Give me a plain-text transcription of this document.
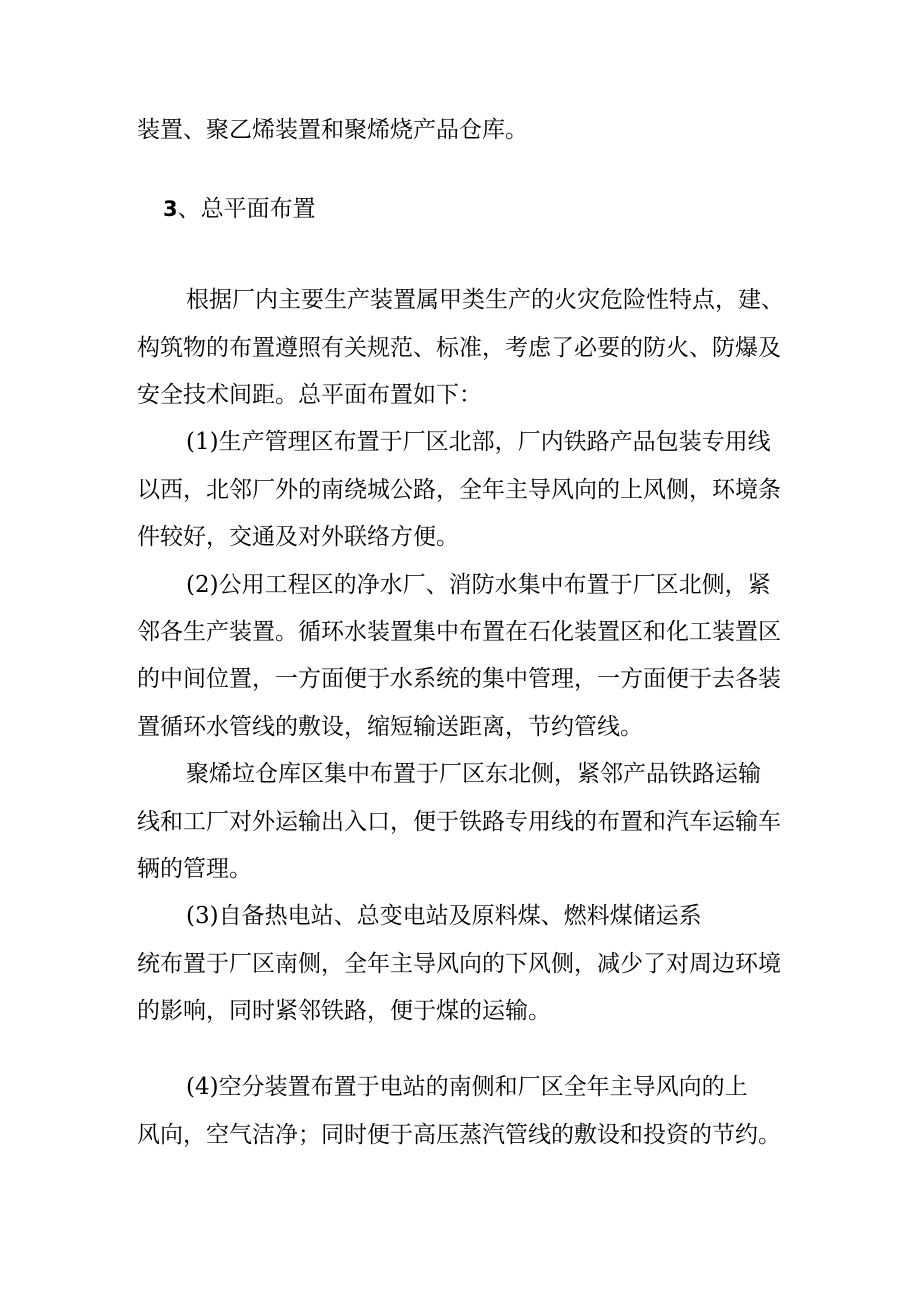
装置、聚乙烯装置和聚烯烧产品仓库。
3、总平面布置
根据厂内主要生产装置属甲类生产的火灾危险性特点，建、
构筑物的布置遵照有关规范、标准，考虑了必要的防火、防爆及
安全技术间距。总平面布置如下：
(1)生产管理区布置于厂区北部，厂内铁路产品包装专用线
以西，北邻厂外的南绕城公路，全年主导风向的上风侧，环境条
件较好，交通及对外联络方便。
(2)公用工程区的净水厂、消防水集中布置于厂区北侧，紧
邻各生产装置。循环水装置集中布置在石化装置区和化工装置区
的中间位置，一方面便于水系统的集中管理，一方面便于去各装
置循环水管线的敷设，缩短输送距离，节约管线。
聚烯垃仓库区集中布置于厂区东北侧，紧邻产品铁路运输
线和工厂对外运输出入口，便于铁路专用线的布置和汽车运输车
辆的管理。
(3)自备热电站、总变电站及原料煤、燃料煤储运系
统布置于厂区南侧，全年主导风向的下风侧，减少了对周边环境
的影响，同时紧邻铁路，便于煤的运输。
(4)空分装置布置于电站的南侧和厂区全年主导风向的上
风向，空气洁净；同时便于高压蒸汽管线的敷设和投资的节约。
